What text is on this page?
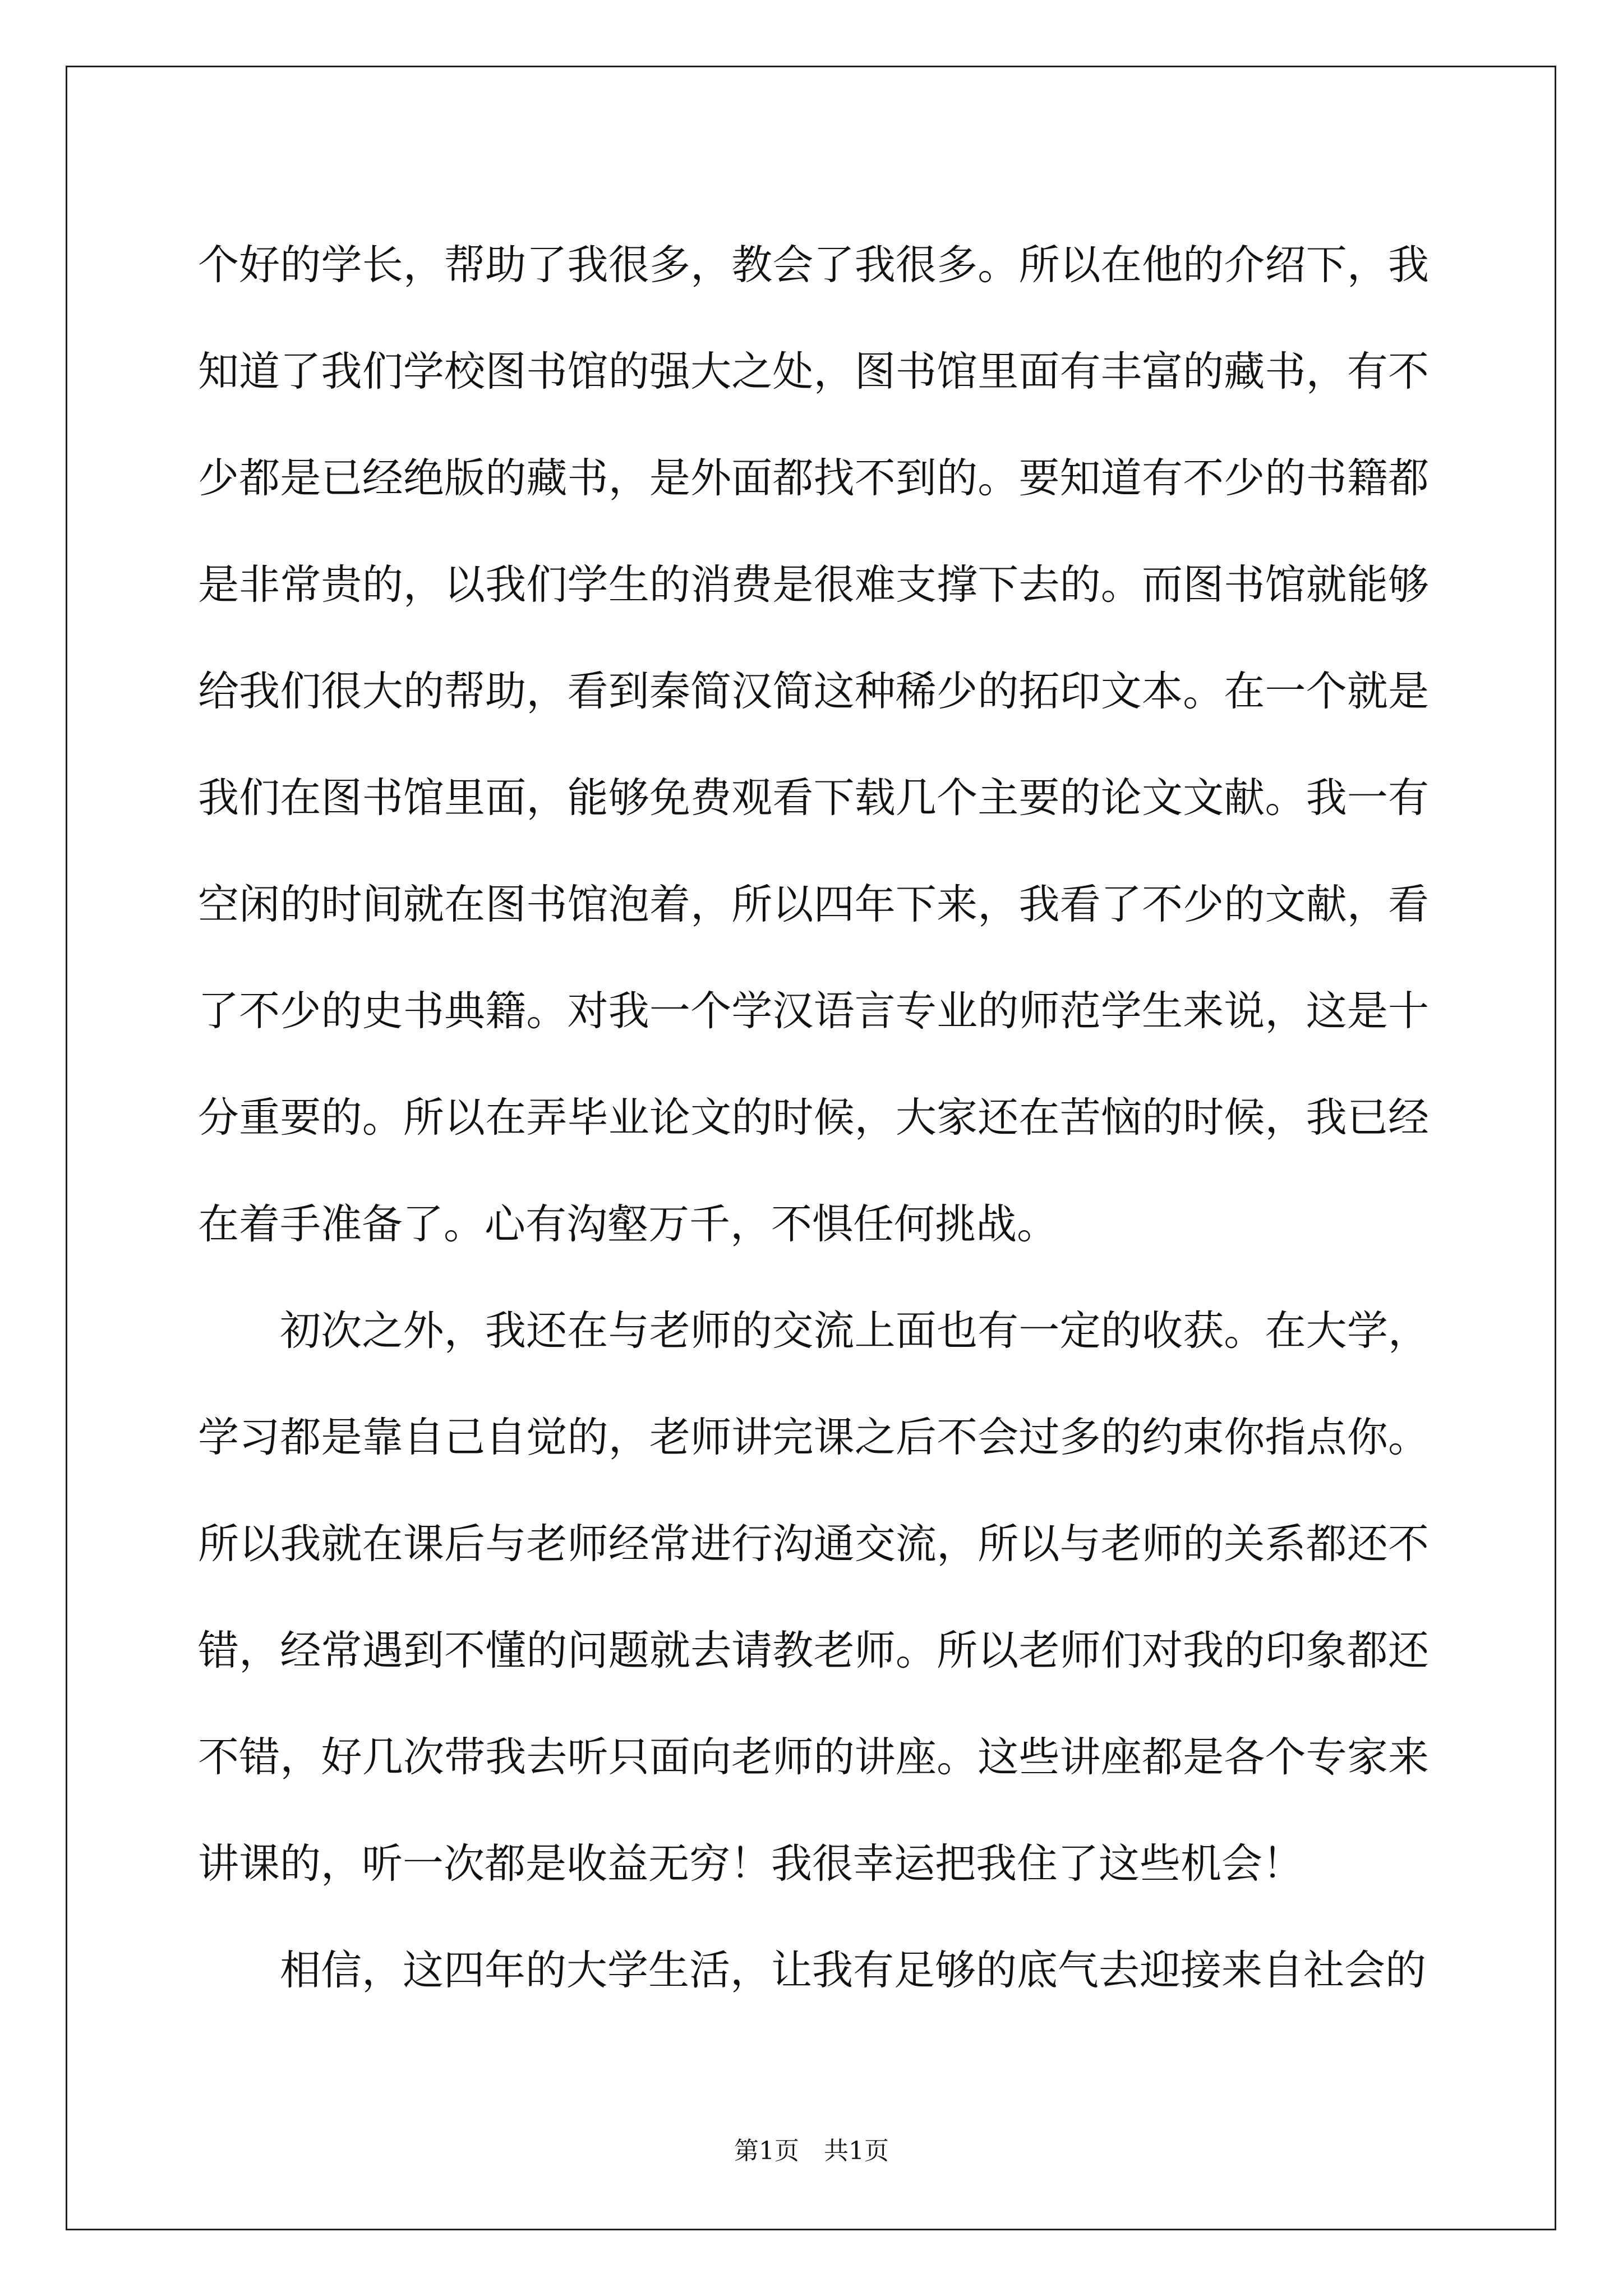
个好的学长，帮助了我很多，教会了我很多。所以在他的介绍下，我
知道了我们学校图书馆的强大之处，图书馆里面有丰富的藏书，有不
少都是已经绝版的藏书，是外面都找不到的。要知道有不少的书籍都
是非常贵的，以我们学生的消费是很难支撑下去的。而图书馆就能够
给我们很大的帮助，看到秦简汉简这种稀少的拓印文本。在一个就是
我们在图书馆里面，能够免费观看下载几个主要的论文文献。我一有
空闲的时间就在图书馆泡着，所以四年下来，我看了不少的文献，看
了不少的史书典籍。对我一个学汉语言专业的师范学生来说，这是十
分重要的。所以在弄毕业论文的时候，大家还在苦恼的时候，我已经
在着手准备了。心有沟壑万千，不惧任何挑战。
初次之外，我还在与老师的交流上面也有一定的收获。在大学，
学习都是靠自己自觉的，老师讲完课之后不会过多的约束你指点你。
所以我就在课后与老师经常进行沟通交流，所以与老师的关系都还不
错，经常遇到不懂的问题就去请教老师。所以老师们对我的印象都还
不错，好几次带我去听只面向老师的讲座。这些讲座都是各个专家来
讲课的，听一次都是收益无穷！我很幸运把我住了这些机会！
相信，这四年的大学生活，让我有足够的底气去迎接来自社会的
第1页　共1页
